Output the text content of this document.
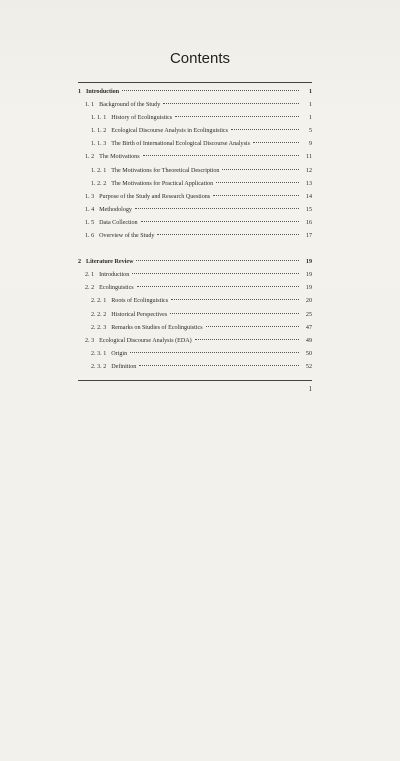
Contents
1 Introduction	1
1. 1 Background of the Study	1
1. 1. 1 History of Ecolinguistics	1
1. 1. 2 Ecological Discourse Analysis in Ecolinguistics	5
1. 1. 3 The Birth of International Ecological Discourse Analysis	9
1. 2 The Motivations	11
1. 2. 1 The Motivations for Theoretical Description	12
1. 2. 2 The Motivations for Practical Application	13
1. 3 Purpose of the Study and Research Questions	14
1. 4 Methodology	15
1. 5 Data Collection	16
1. 6 Overview of the Study	17
2 Literature Review	19
2. 1 Introduction	19
2. 2 Ecolinguistics	19
2. 2. 1 Roots of Ecolinguistics	20
2. 2. 2 Historical Perspectives	25
2. 2. 3 Remarks on Studies of Ecolinguistics	47
2. 3 Ecological Discourse Analysis (EDA)	49
2. 3. 1 Origin	50
2. 3. 2 Definition	52
1
